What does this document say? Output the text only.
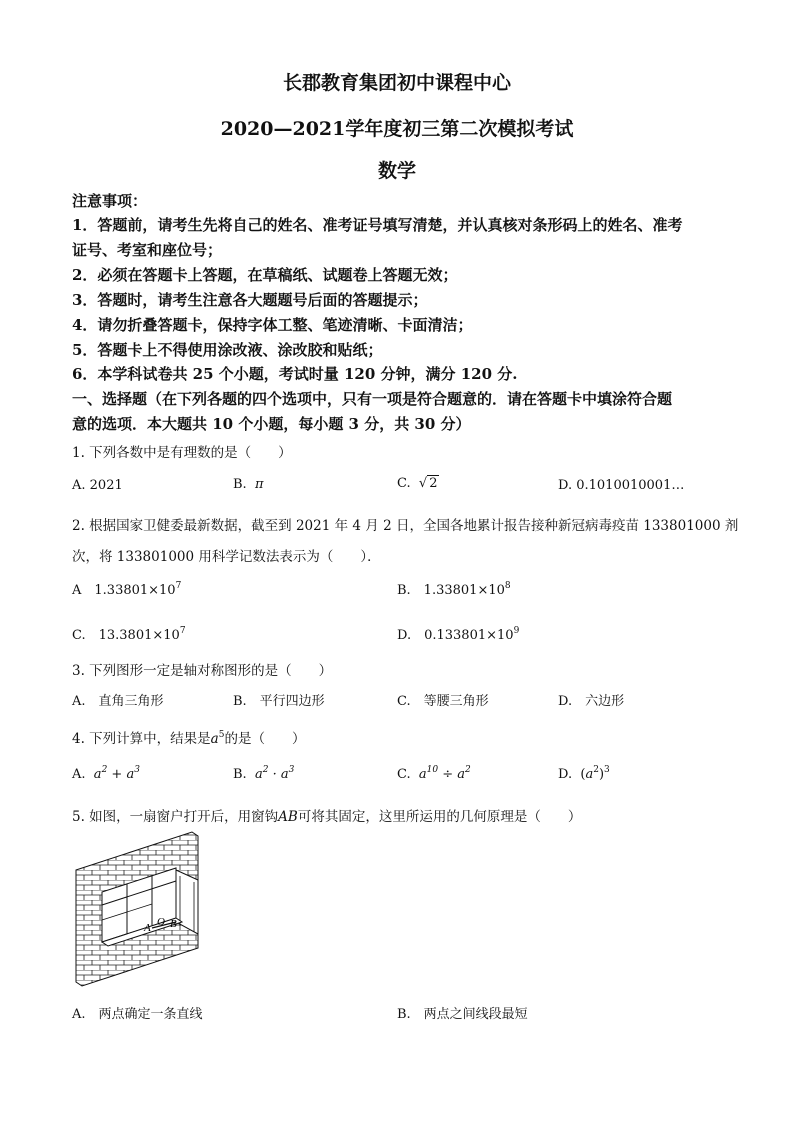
长郡教育集团初中课程中心
2020—2021学年度初三第二次模拟考试
数学
注意事项：
1．答题前，请考生先将自己的姓名、准考证号填写清楚，并认真核对条形码上的姓名、准考
证号、考室和座位号；
2．必须在答题卡上答题，在草稿纸、试题卷上答题无效；
3．答题时，请考生注意各大题题号后面的答题提示；
4．请勿折叠答题卡，保持字体工整、笔迹清晰、卡面清洁；
5．答题卡上不得使用涂改液、涂改胶和贴纸；
6．本学科试卷共 25 个小题，考试时量 120 分钟，满分 120 分.
一、选择题（在下列各题的四个选项中，只有一项是符合题意的．请在答题卡中填涂符合题
意的选项．本大题共 10 个小题，每小题 3 分，共 30 分）
1. 下列各数中是有理数的是（　　）
A. 2021	B. π	C. √ 2	D. 0.1010010001…
2. 根据国家卫健委最新数据，截至到 2021 年 4 月 2 日，全国各地累计报告接种新冠病毒疫苗 133801000 剂
次，将 133801000 用科学记数法表示为（　　）．
A　$1.33801\times 10^7$	B.　$1.33801\times 10^8$
C.　$13.3801\times 10^7$	D.　$0.133801\times 10^9$
3. 下列图形一定是轴对称图形的是（　　）
A.　直角三角形	B.　平行四边形	C.　等腰三角形	D.　六边形
4. 下列计算中，结果是$a^5$的是（　　）
A. $a^2 + a^3$	B. $a^2 \cdot a^3$	C. $a^{10} \div a^2$	D. $(a^2)^3$
5. 如图，一扇窗户打开后，用窗钩AB可将其固定，这里所运用的几何原理是（　　）
A O B
A.　两点确定一条直线	B.　两点之间线段最短
